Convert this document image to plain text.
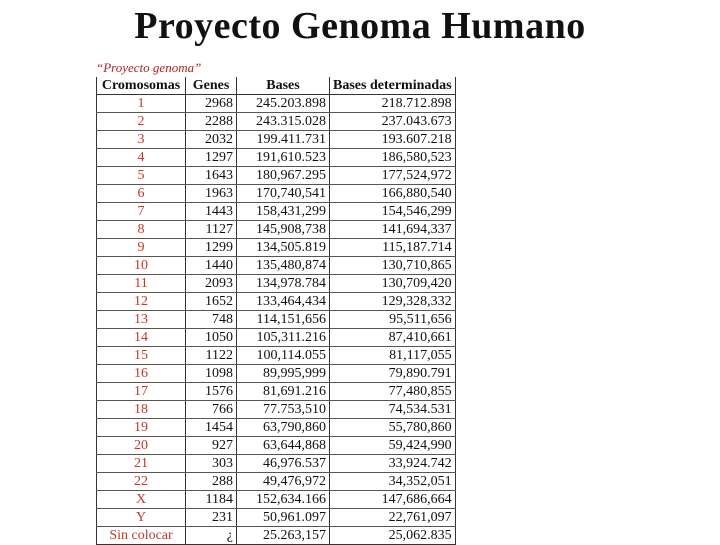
Proyecto Genoma Humano
“Proyecto genoma”
Cromosomas	Genes	Bases	Bases determinadas
1	2968	245.203.898	218.712.898
2	2288	243.315.028	237.043.673
3	2032	199.411.731	193.607.218
4	1297	191,610.523	186,580,523
5	1643	180,967.295	177,524,972
6	1963	170,740,541	166,880,540
7	1443	158,431,299	154,546,299
8	1127	145,908,738	141,694,337
9	1299	134,505.819	115,187.714
10	1440	135,480,874	130,710,865
11	2093	134,978.784	130,709,420
12	1652	133,464,434	129,328,332
13	748	114,151,656	95,511,656
14	1050	105,311.216	87,410,661
15	1122	100,114.055	81,117,055
16	1098	89,995,999	79,890.791
17	1576	81,691.216	77,480,855
18	766	77.753,510	74,534.531
19	1454	63,790,860	55,780,860
20	927	63,644,868	59,424,990
21	303	46,976.537	33,924.742
22	288	49,476,972	34,352,051
X	1184	152,634.166	147,686,664
Y	231	50,961.097	22,761,097
Sin colocar	¿	25.263,157	25,062.835
